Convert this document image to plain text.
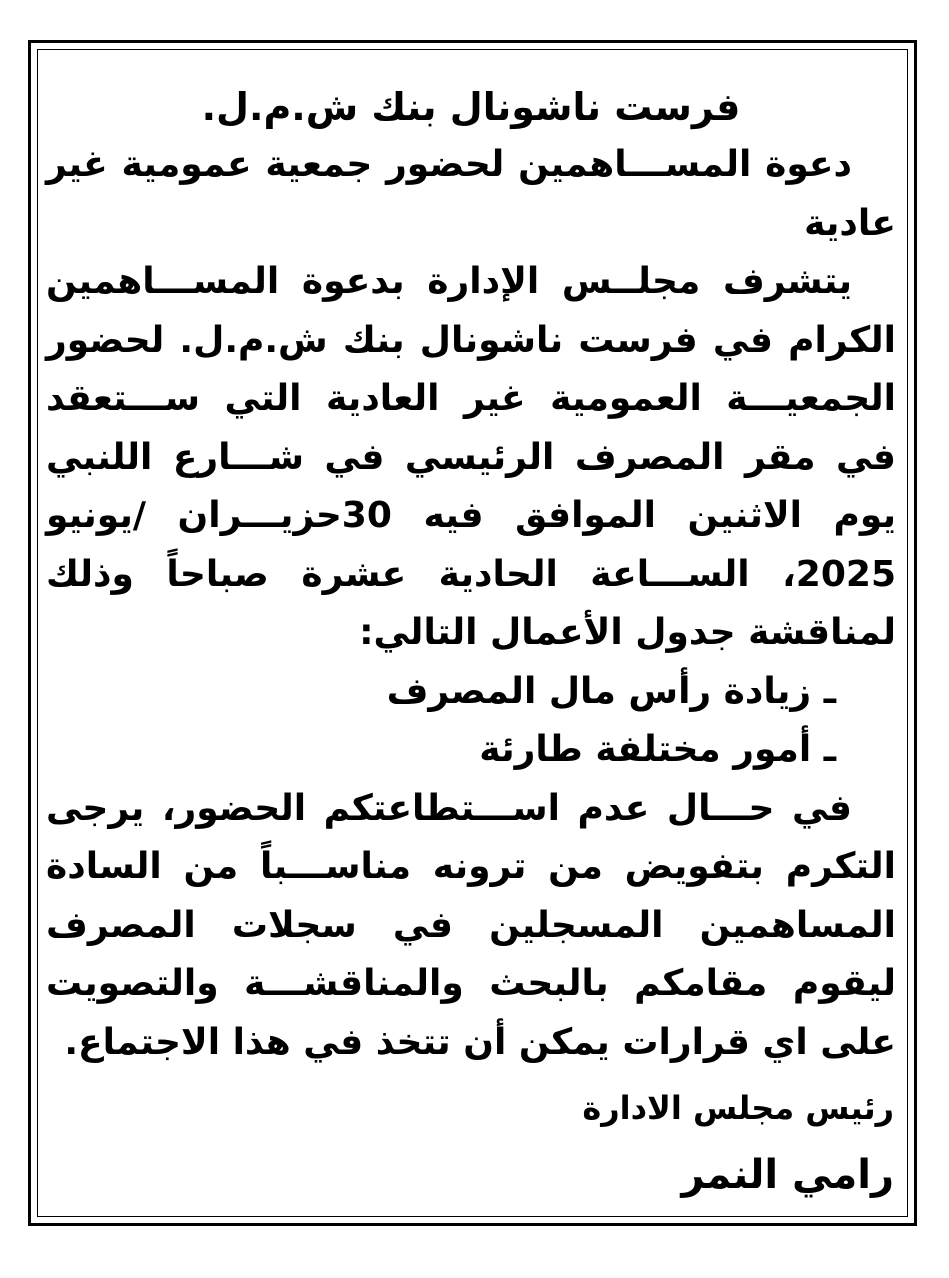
فرست ناشونال بنك ش.م.ل.

دعوة المســـاهمين لحضور جمعية عمومية غير عادية

يتشرف مجلــس الإدارة بدعوة المســـاهمين الكرام في فرست ناشونال بنك ش.م.ل. لحضور الجمعيـــة العمومية غير العادية التي ســـتعقد في مقر المصرف الرئيسي في شـــارع اللنبي يوم الاثنين الموافق فيه 30حزيـــران /يونيو 2025، الســـاعة الحادية عشرة صباحاً وذلك لمناقشة جدول الأعمال التالي:

ـ زيادة رأس مال المصرف
ـ أمور مختلفة طارئة

في حـــال عدم اســـتطاعتكم الحضور، يرجى التكرم بتفويض من ترونه مناســـباً من السادة المساهمين المسجلين في سجلات المصرف ليقوم مقامكم بالبحث والمناقشـــة والتصويت على اي قرارات يمكن أن تتخذ في هذا الاجتماع.

رئيس مجلس الادارة
رامي النمر
